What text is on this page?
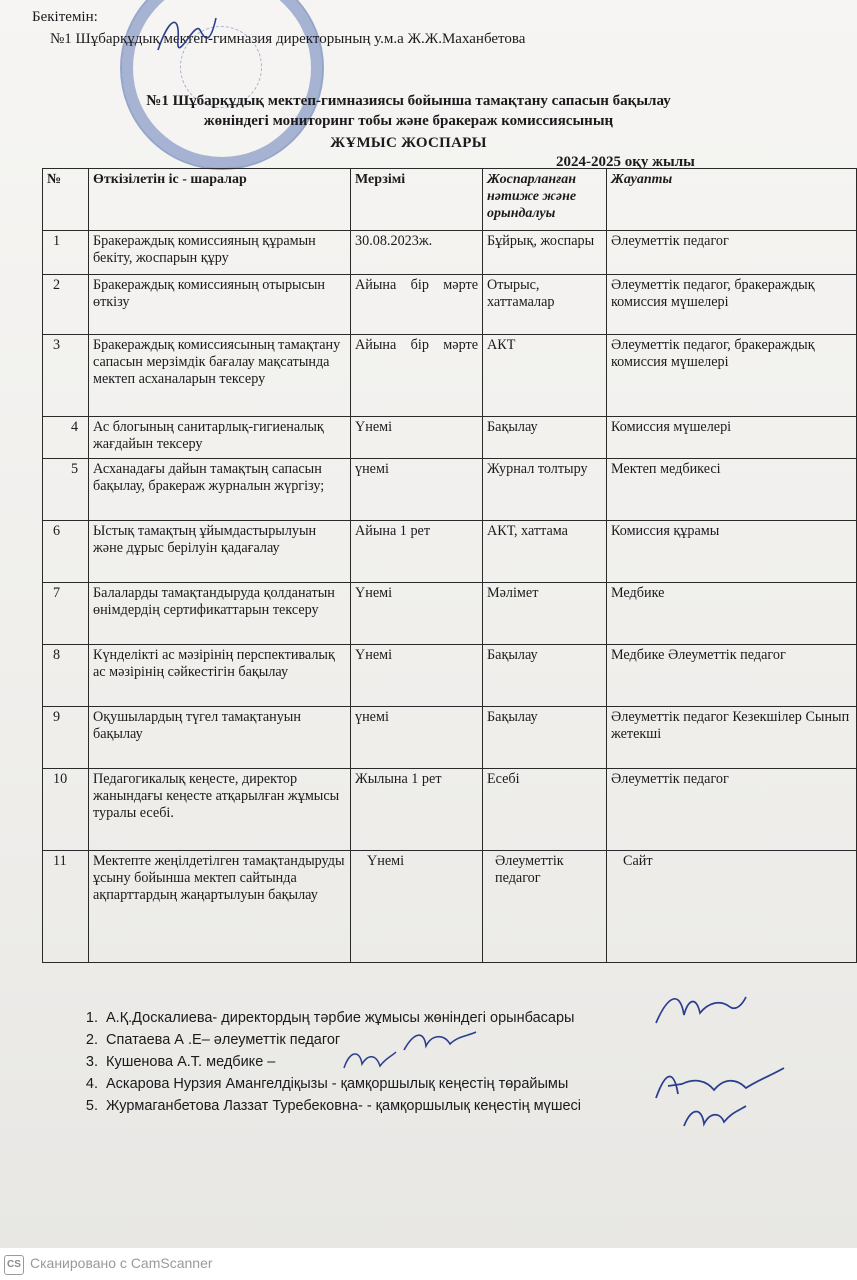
Бекітемін:
№1 Шұбарқұдық мектеп-гимназия директорының у.м.а Ж.Ж.Маханбетова
№1 Шұбарқұдық мектеп-гимназиясы бойынша тамақтану сапасын бақылау
жөніндегі мониторинг тобы және бракераж комиссиясының
ЖҰМЫС ЖОСПАРЫ
2024-2025 оқу жылы
№	Өткізілетін іс - шаралар	Мерзімі	Жоспарланған нәтиже және орындалуы	Жауапты
1	Бракераждық комиссияның құрамын бекіту, жоспарын құру	30.08.2023ж.	Бұйрық, жоспары	Әлеуметтік педагог
2	Бракераждық комиссияның отырысын өткізу	Айына бір мәрте	Отырыс, хаттамалар	Әлеуметтік педагог, бракераждық комиссия мүшелері
3	Бракераждық комиссиясының тамақтану сапасын мерзімдік бағалау мақсатында мектеп асханаларын тексеру	Айына бір мәрте	АКТ	Әлеуметтік педагог, бракераждық комиссия мүшелері
4	Ас блогының санитарлық-гигиеналық жағдайын тексеру	Үнемі	Бақылау	Комиссия мүшелері
5	Асханадағы дайын тамақтың сапасын бақылау, бракераж журналын жүргізу;	үнемі	Журнал толтыру	Мектеп медбикесі
6	Ыстық тамақтың ұйымдастырылуын және дұрыс берілуін қадағалау	Айына 1 рет	АКТ, хаттама	Комиссия құрамы
7	Балаларды тамақтандыруда қолданатын өнімдердің сертификаттарын тексеру	Үнемі	Мәлімет	Медбике
8	Күнделікті ас мәзірінің перспективалық ас мәзірінің сәйкестігін бақылау	Үнемі	Бақылау	Медбике Әлеуметтік педагог
9	Оқушылардың түгел тамақтануын бақылау	үнемі	Бақылау	Әлеуметтік педагог Кезекшілер Сынып жетекші
10	Педагогикалық кеңесте, директор жанындағы кеңесте атқарылған жұмысы туралы есебі.	Жылына 1 рет	Есебі	Әлеуметтік педагог
11	Мектепте жеңілдетілген тамақтандыруды ұсыну бойынша мектеп сайтында ақпарттардың жаңартылуын бақылау	Үнемі	Әлеуметтік педагог	Сайт
1. А.Қ.Доскалиева- директордың тәрбие жұмысы жөніндегі орынбасары
2. Спатаева А .Е– әлеуметтік педагог
3. Кушенова А.Т. медбике –
4. Аскарова Нурзия Амангелдiқызы - қамқоршылық кеңестің төрайымы
5. Журмаганбетова Лаззат Туребековна- - қамқоршылық кеңестің мүшесі
CS Сканировано с CamScanner
